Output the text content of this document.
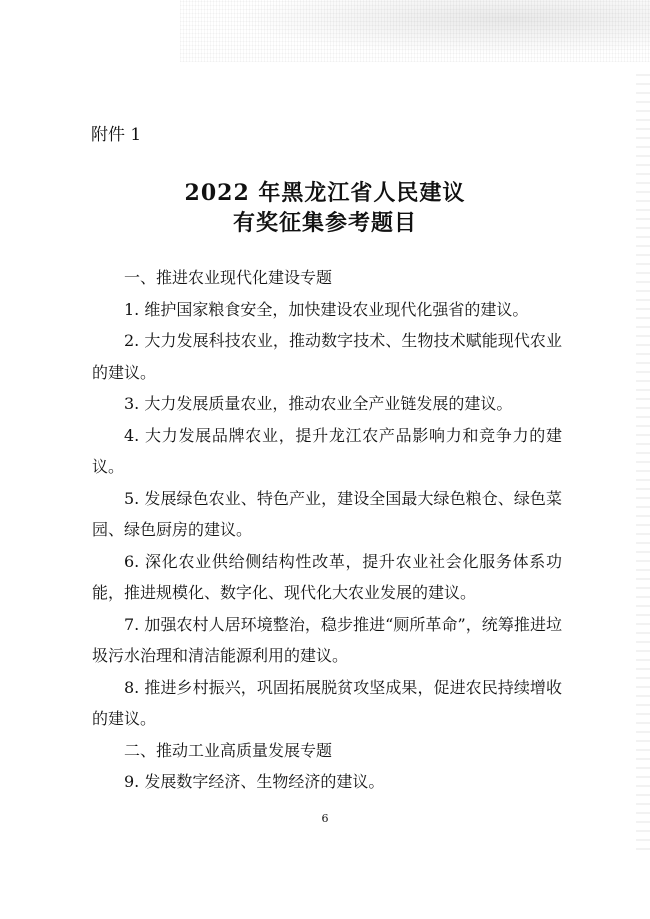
附件 1
2022 年黑龙江省人民建议
有奖征集参考题目

一、推进农业现代化建设专题

1. 维护国家粮食安全，加快建设农业现代化强省的建议。

2. 大力发展科技农业，推动数字技术、生物技术赋能现代农业的建议。

3. 大力发展质量农业，推动农业全产业链发展的建议。

4. 大力发展品牌农业，提升龙江农产品影响力和竞争力的建议。

5. 发展绿色农业、特色产业，建设全国最大绿色粮仓、绿色菜园、绿色厨房的建议。

6. 深化农业供给侧结构性改革，提升农业社会化服务体系功能，推进规模化、数字化、现代化大农业发展的建议。

7. 加强农村人居环境整治，稳步推进“厕所革命”，统筹推进垃圾污水治理和清洁能源利用的建议。

8. 推进乡村振兴，巩固拓展脱贫攻坚成果，促进农民持续增收的建议。

二、推动工业高质量发展专题

9. 发展数字经济、生物经济的建议。

6
